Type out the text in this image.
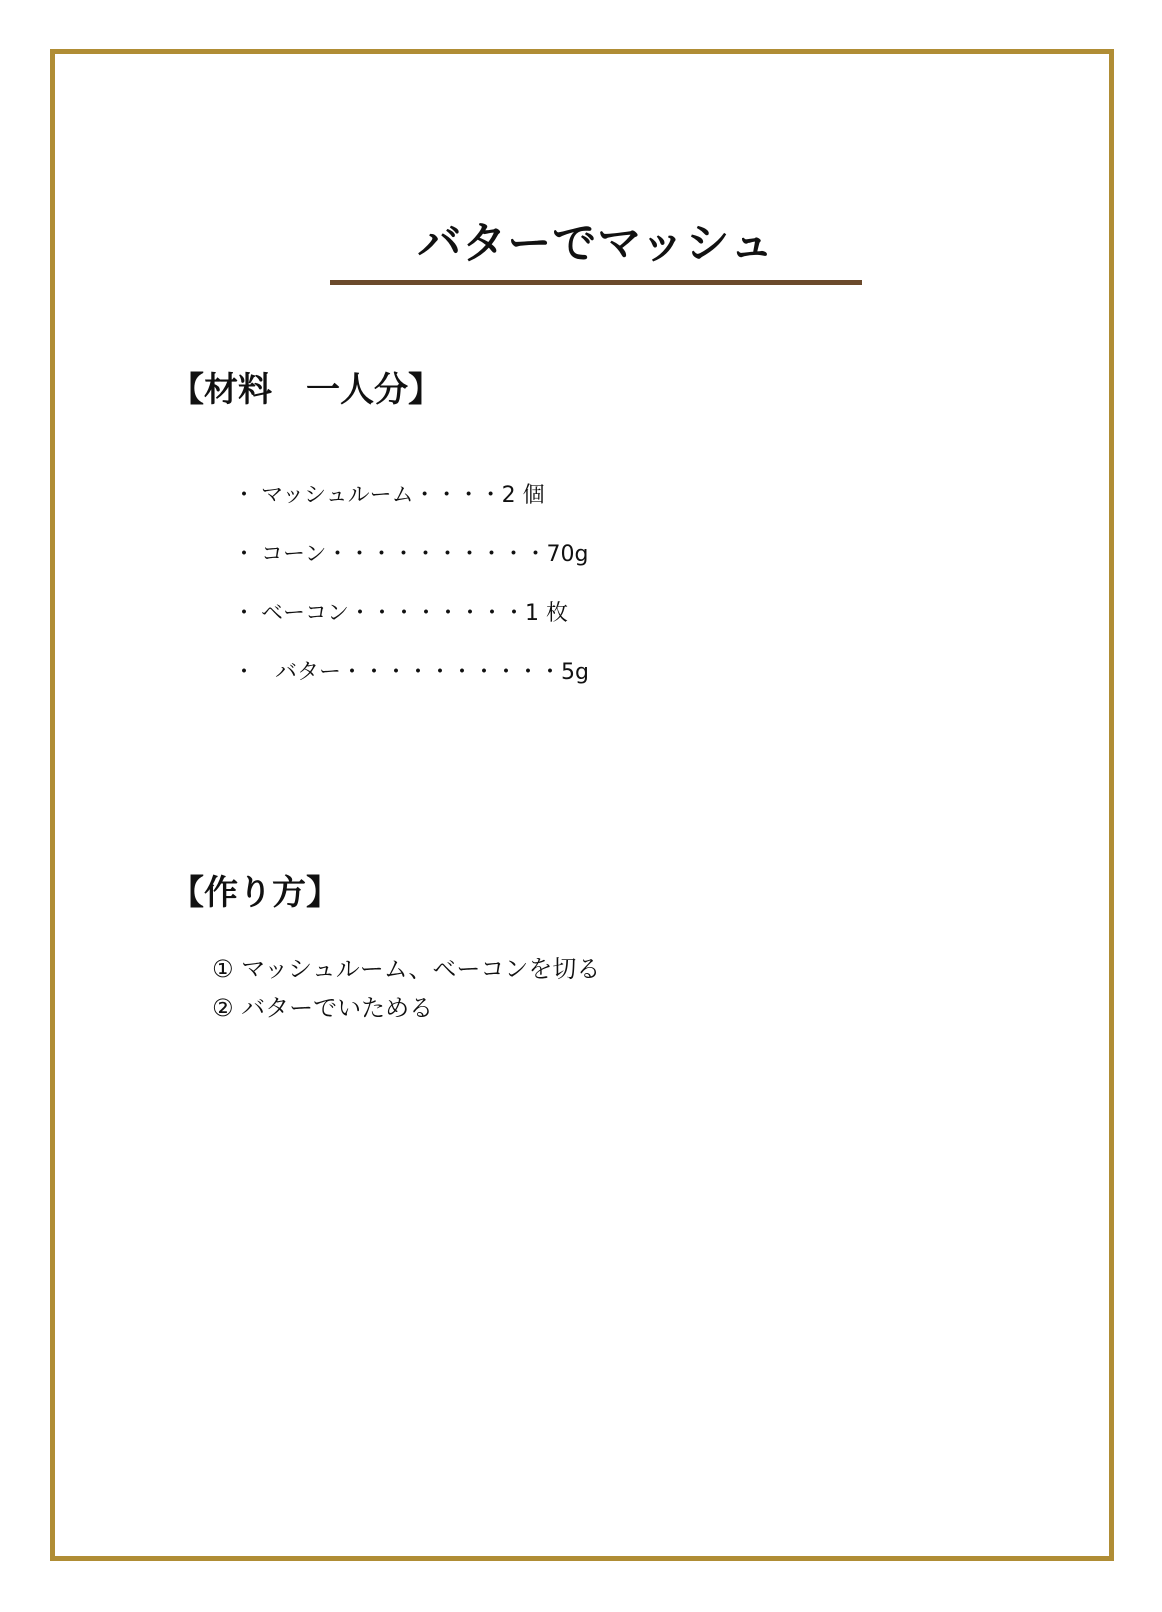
バターでマッシュ
【材料　一人分】

・ マッシュルーム・・・・2 個

・ コーン・・・・・・・・・・70g

・ ベーコン・・・・・・・・1 枚

・  バター・・・・・・・・・・5g

【作り方】
① マッシュルーム、ベーコンを切る
② バターでいためる
